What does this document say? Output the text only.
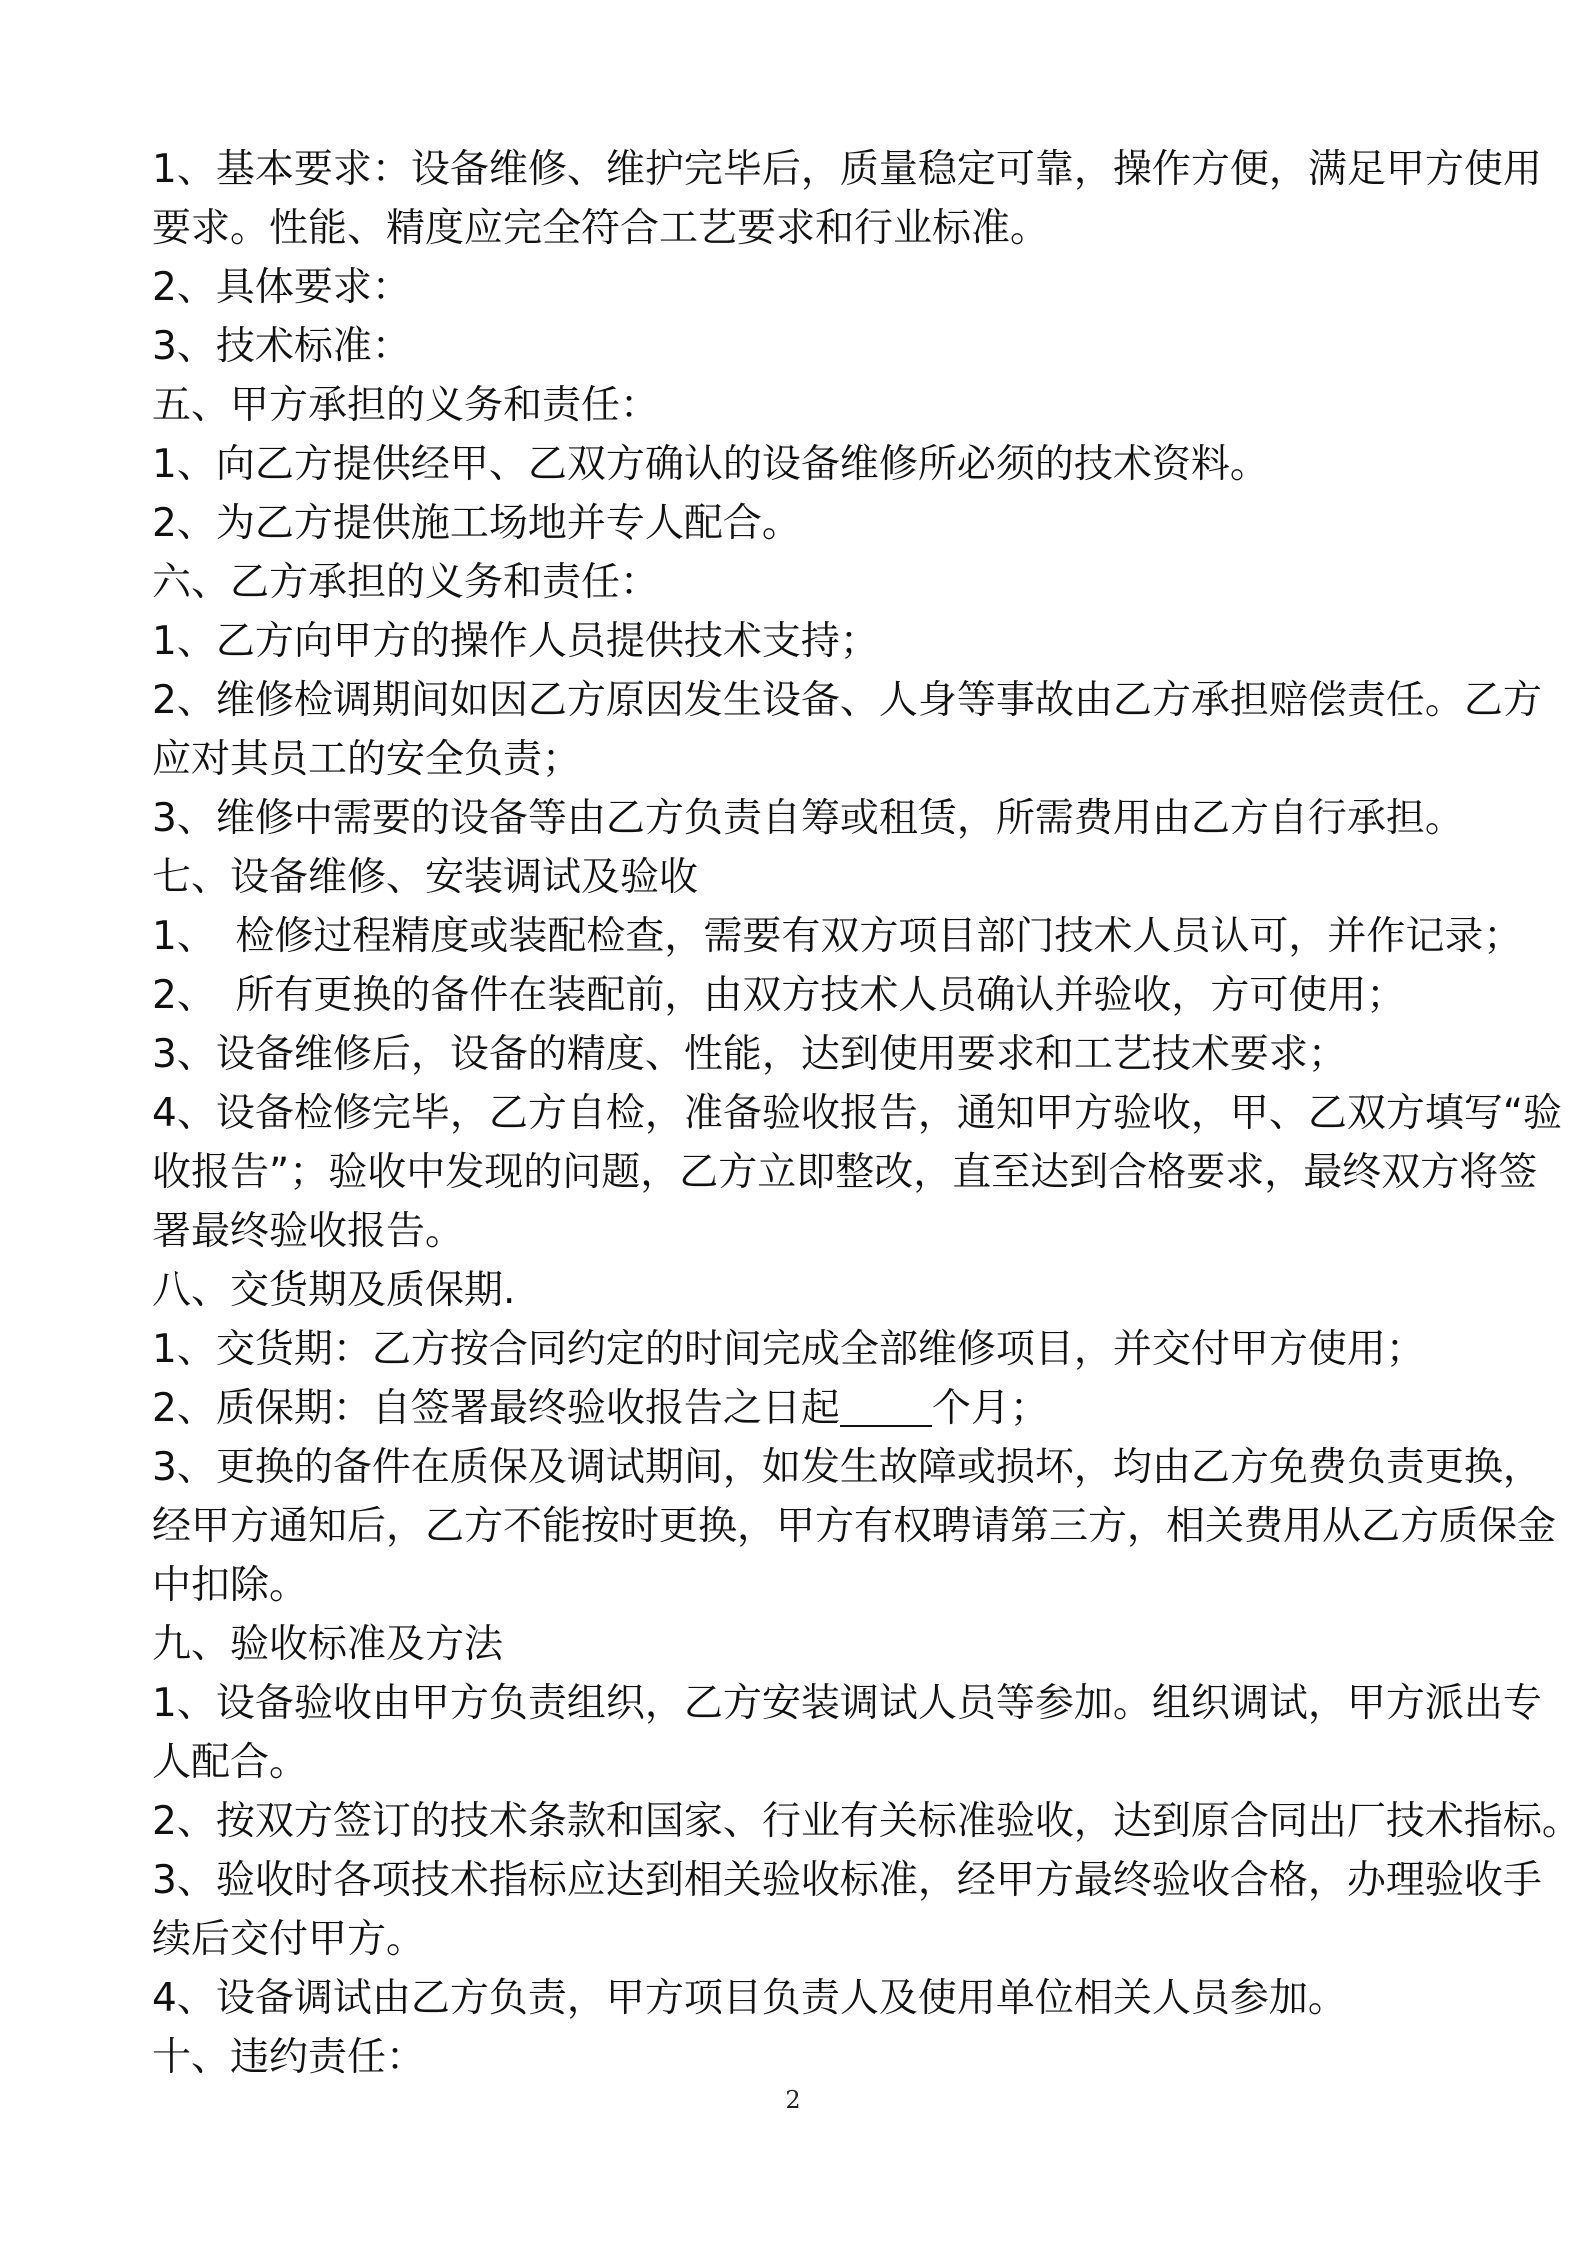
1、基本要求：设备维修、维护完毕后，质量稳定可靠，操作方便，满足甲方使用
要求。性能、精度应完全符合工艺要求和行业标准。
2、具体要求：
3、技术标准：
五、甲方承担的义务和责任：
1、向乙方提供经甲、乙双方确认的设备维修所必须的技术资料。
2、为乙方提供施工场地并专人配合。
六、乙方承担的义务和责任：
1、乙方向甲方的操作人员提供技术支持；
2、维修检调期间如因乙方原因发生设备、人身等事故由乙方承担赔偿责任。乙方
应对其员工的安全负责；
3、维修中需要的设备等由乙方负责自筹或租赁，所需费用由乙方自行承担。
七、设备维修、安装调试及验收
1、　检修过程精度或装配检查，需要有双方项目部门技术人员认可，并作记录；
2、　所有更换的备件在装配前，由双方技术人员确认并验收，方可使用；
3、设备维修后，设备的精度、性能，达到使用要求和工艺技术要求；
4、设备检修完毕，乙方自检，准备验收报告，通知甲方验收，甲、乙双方填写“验
收报告”；验收中发现的问题，乙方立即整改，直至达到合格要求，最终双方将签
署最终验收报告。
八、交货期及质保期.
1、交货期：乙方按合同约定的时间完成全部维修项目，并交付甲方使用；
2、质保期：自签署最终验收报告之日起 个月；
3、更换的备件在质保及调试期间，如发生故障或损坏，均由乙方免费负责更换，
经甲方通知后，乙方不能按时更换，甲方有权聘请第三方，相关费用从乙方质保金
中扣除。
九、验收标准及方法
1、设备验收由甲方负责组织，乙方安装调试人员等参加。组织调试，甲方派出专
人配合。
2、按双方签订的技术条款和国家、行业有关标准验收，达到原合同出厂技术指标。
3、验收时各项技术指标应达到相关验收标准，经甲方最终验收合格，办理验收手
续后交付甲方。
4、设备调试由乙方负责，甲方项目负责人及使用单位相关人员参加。
十、违约责任：
2
